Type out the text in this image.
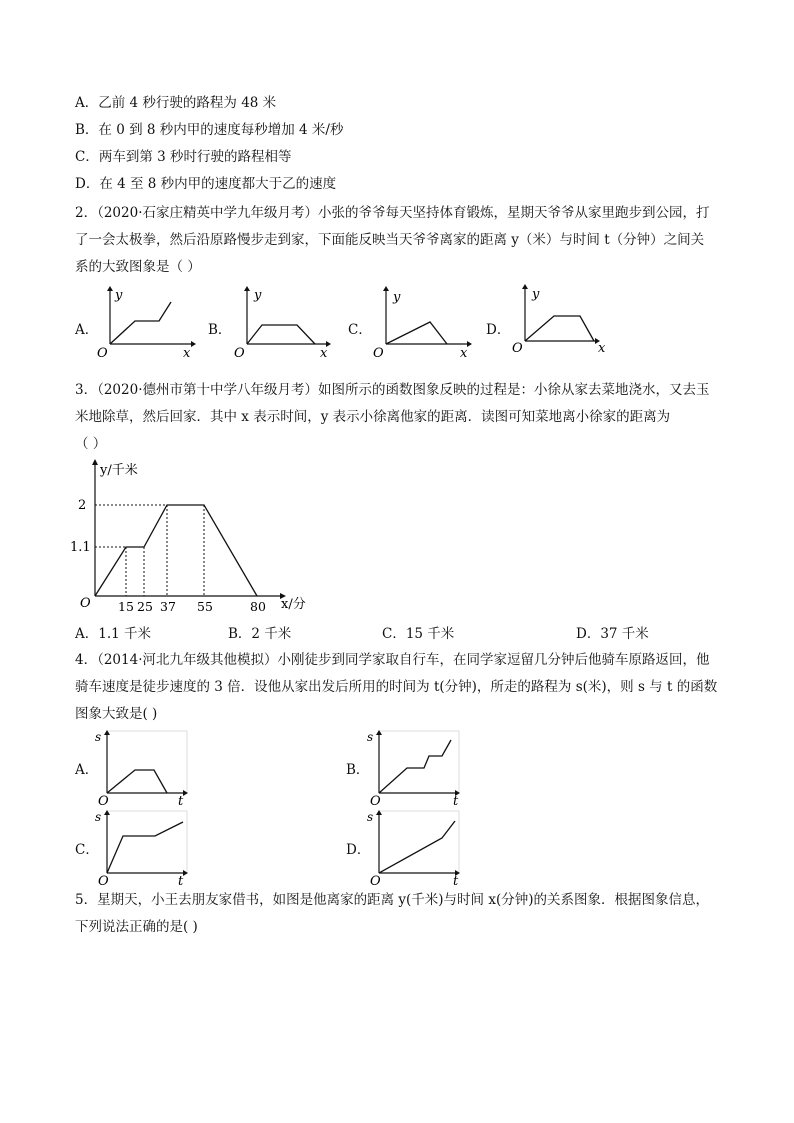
A．乙前 4 秒行驶的路程为 48 米
B．在 0 到 8 秒内甲的速度每秒增加 4 米/秒
C．两车到第 3 秒时行驶的路程相等
D．在 4 至 8 秒内甲的速度都大于乙的速度
2．（2020·石家庄精英中学九年级月考）小张的爷爷每天坚持体育锻炼，星期天爷爷从家里跑步到公园，打
了一会太极拳，然后沿原路慢步走到家，下面能反映当天爷爷离家的距离 y（米）与时间 t（分钟）之间关
系的大致图象是（ ）
A．
y
x
O
B．
y
x
O
C．
y
x
O
D．
y
x
O
3．（2020·德州市第十中学八年级月考）如图所示的函数图象反映的过程是：小徐从家去菜地浇水，又去玉
米地除草，然后回家．其中 x 表示时间，y 表示小徐离他家的距离．读图可知菜地离小徐家的距离为
（ ）
y/千米
x/分
O
2
1.1
15 25 37 55	80
A．1.1 千米	B．2 千米	C．15 千米	D．37 千米
4．（2014·河北九年级其他模拟）小刚徒步到同学家取自行车，在同学家逗留几分钟后他骑车原路返回，他
骑车速度是徒步速度的 3 倍．设他从家出发后所用的时间为 t(分钟)，所走的路程为 s(米)，则 s 与 t 的函数
图象大致是( )
A．
s
t
O
B．
s
t
O
C．
s
t
O
D．
s
t
O
5．星期天，小王去朋友家借书，如图是他离家的距离 y(千米)与时间 x(分钟)的关系图象．根据图象信息，
下列说法正确的是( )
